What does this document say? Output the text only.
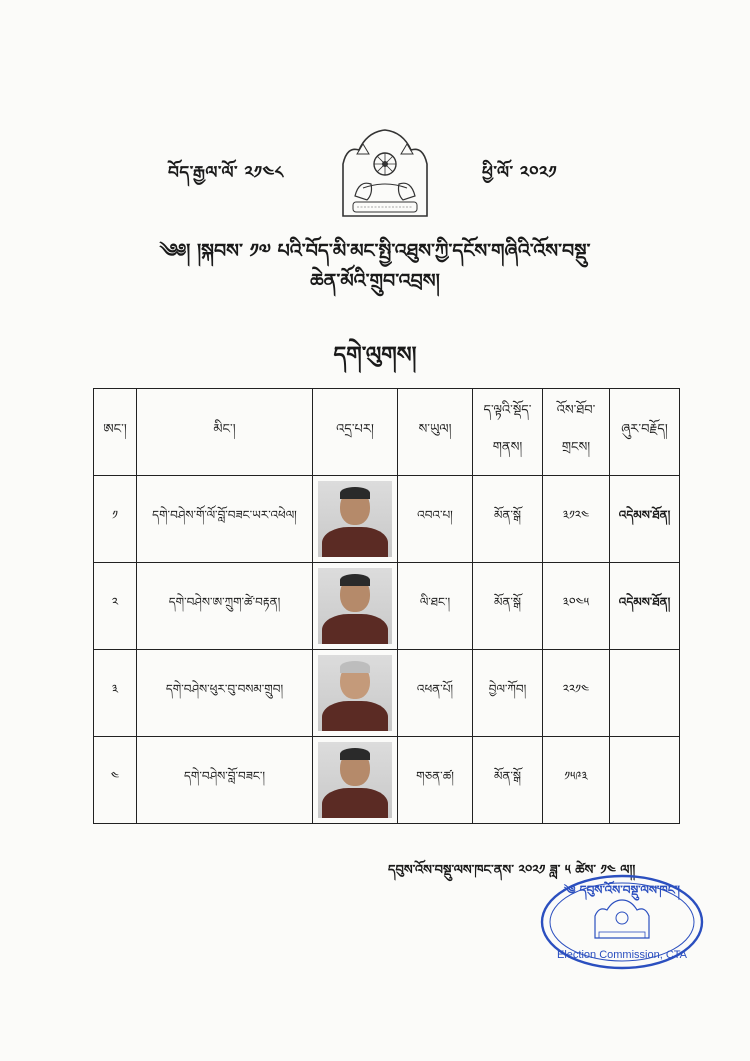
བོད་རྒྱལ་ལོ་ ༢༡༤༨	ཕྱི་ལོ་ ༢༠༢༡
༄༅། །སྐབས་ ༡༧ པའི་བོད་མི་མང་སྤྱི་འཐུས་ཀྱི་དངོས་གཞིའི་འོས་བསྡུ་
ཆེན་མོའི་གྲུབ་འབྲས།
དགེ་ལུགས།
ཨང་།	མིང་།	འདྲ་པར།	ས་ཡུལ།	ད་ལྟའི་སྡོད་གནས།	འོས་ཐོབ་གྲངས།	ཞུར་བརྗོད།
༡	དགེ་བཤེས་གོ་ལོ་བློ་བཟང་ཡར་འཕེལ།		འབའ་པ།	མོན་སྒོ	༣༡༢༤	འདེམས་ཐོན།
༢	དགེ་བཤེས་ཨ་ཀྲུག་ཚེ་བརྟན།		ལི་ཐང་།	མོན་སྒོ	༣༠༤༥	འདེམས་ཐོན།
༣	དགེ་བཤེས་ཕུར་བུ་བསམ་གྲུབ།		འཕན་པོ།	བྱེལ་ཀོབ།	༢༢༡༤	
༤	དགེ་བཤེས་བློ་བཟང་།		གཅན་ཚ།	མོན་སྒོ	༡༥༩༣	
དབུས་འོས་བསྡུ་ལས་ཁང་ནས་ ༢༠༢༡ ཟླ་ ༥ ཚེས་ ༡༤ ལ།།
༄ དབུས་འོས་བསྡུ་ལས་ཁང་།
Election Commission, CTA
